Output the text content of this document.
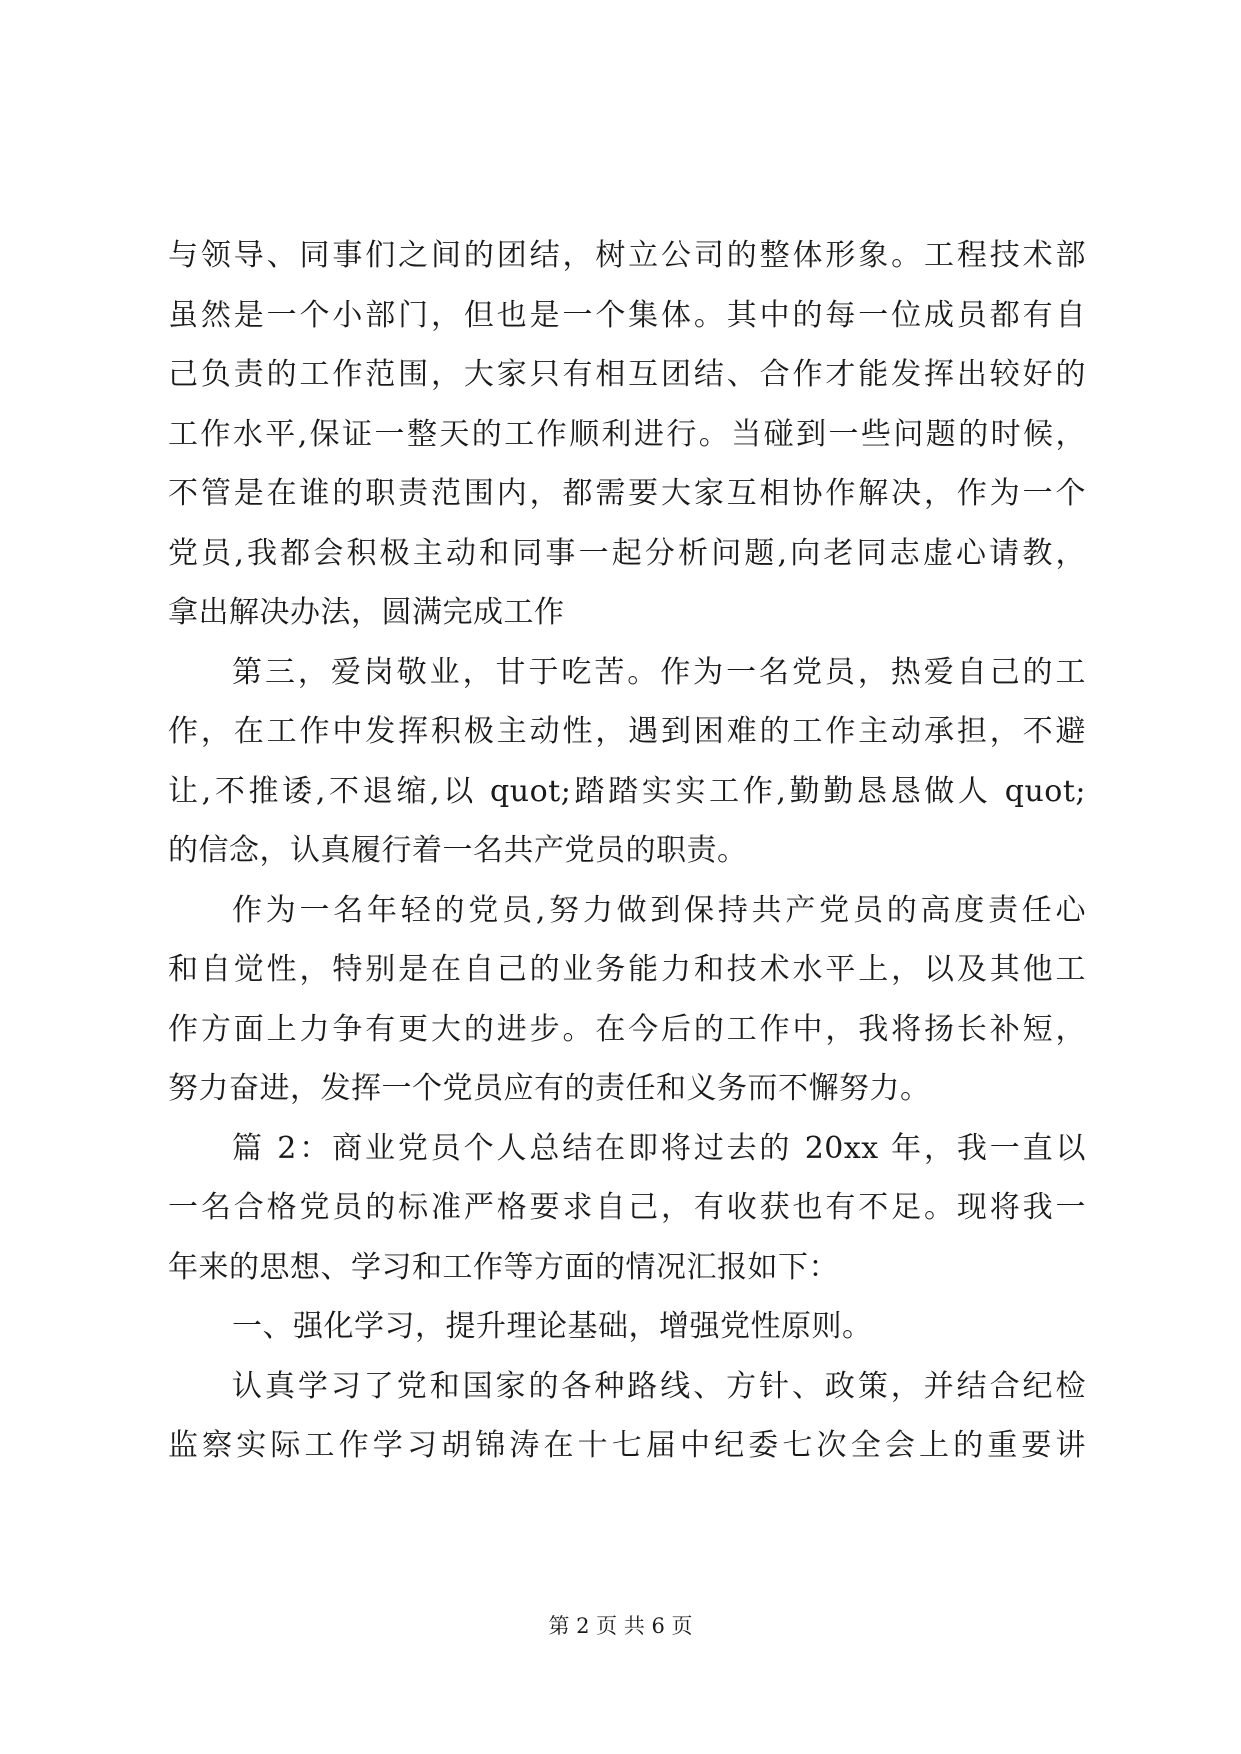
与领导、同事们之间的团结，树立公司的整体形象。工程技术部
虽然是一个小部门，但也是一个集体。其中的每一位成员都有自
己负责的工作范围，大家只有相互团结、合作才能发挥出较好的
工作水平,保证一整天的工作顺利进行。当碰到一些问题的时候，
不管是在谁的职责范围内，都需要大家互相协作解决，作为一个
党员,我都会积极主动和同事一起分析问题,向老同志虚心请教，
拿出解决办法，圆满完成工作
第三，爱岗敬业，甘于吃苦。作为一名党员，热爱自己的工
作，在工作中发挥积极主动性，遇到困难的工作主动承担，不避
让,不推诿,不退缩,以 quot;踏踏实实工作,勤勤恳恳做人 quot;
的信念，认真履行着一名共产党员的职责。
作为一名年轻的党员,努力做到保持共产党员的高度责任心
和自觉性，特别是在自己的业务能力和技术水平上，以及其他工
作方面上力争有更大的进步。在今后的工作中，我将扬长补短，
努力奋进，发挥一个党员应有的责任和义务而不懈努力。
篇 2：商业党员个人总结在即将过去的 20xx 年，我一直以
一名合格党员的标准严格要求自己，有收获也有不足。现将我一
年来的思想、学习和工作等方面的情况汇报如下：
一、强化学习，提升理论基础，增强党性原则。
认真学习了党和国家的各种路线、方针、政策，并结合纪检
监察实际工作学习胡锦涛在十七届中纪委七次全会上的重要讲
第 2 页 共 6 页
